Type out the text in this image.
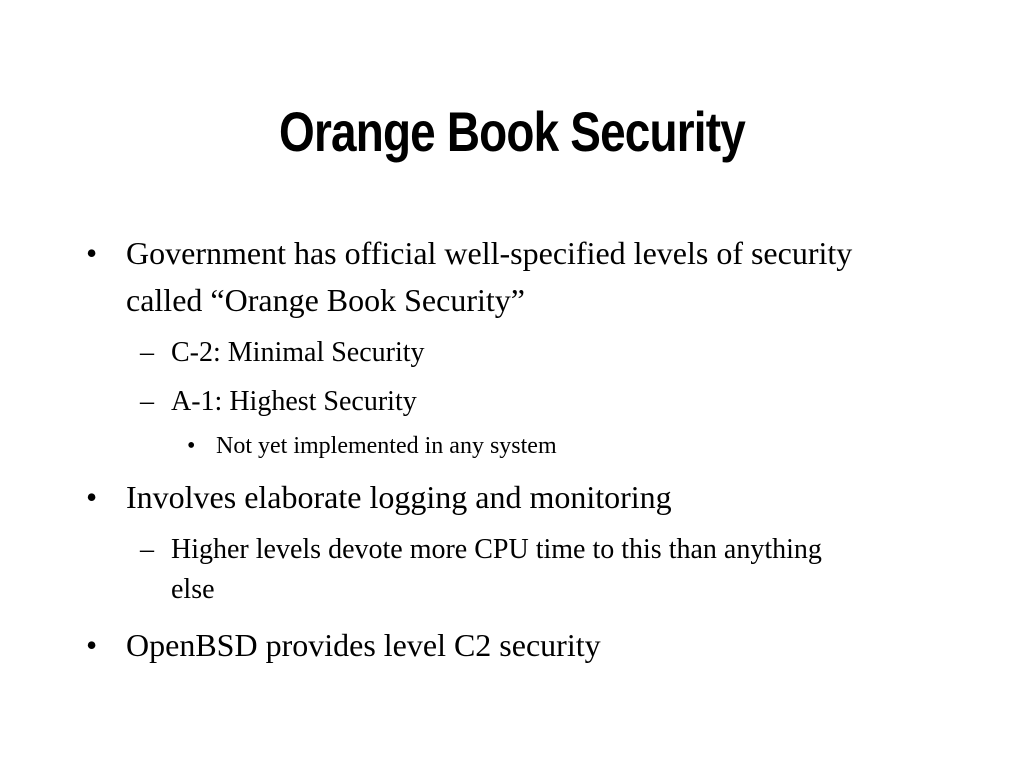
Orange Book Security
• Government has official well-specified levels of security called “Orange Book Security”
– C-2: Minimal Security
– A-1: Highest Security
• Not yet implemented in any system
• Involves elaborate logging and monitoring
– Higher levels devote more CPU time to this than anything else
• OpenBSD provides level C2 security
